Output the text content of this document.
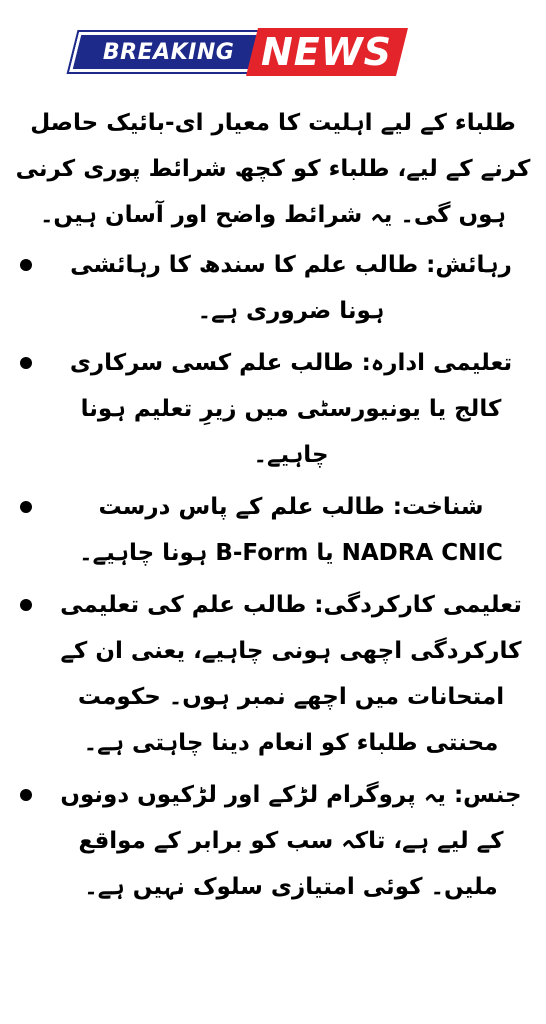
BREAKING NEWS

طلباء کے لیے اہلیت کا معیار ای-بائیک حاصل کرنے کے لیے، طلباء کو کچھ شرائط پوری کرنی ہوں گی۔ یہ شرائط واضح اور آسان ہیں۔

رہائش: طالب علم کا سندھ کا رہائشی ہونا ضروری ہے۔
تعلیمی ادارہ: طالب علم کسی سرکاری کالج یا یونیورسٹی میں زیرِ تعلیم ہونا چاہیے۔
شناخت: طالب علم کے پاس درست NADRA CNIC یا B-Form ہونا چاہیے۔
تعلیمی کارکردگی: طالب علم کی تعلیمی کارکردگی اچھی ہونی چاہیے، یعنی ان کے امتحانات میں اچھے نمبر ہوں۔ حکومت محنتی طلباء کو انعام دینا چاہتی ہے۔
جنس: یہ پروگرام لڑکے اور لڑکیوں دونوں کے لیے ہے، تاکہ سب کو برابر کے مواقع ملیں۔ کوئی امتیازی سلوک نہیں ہے۔
